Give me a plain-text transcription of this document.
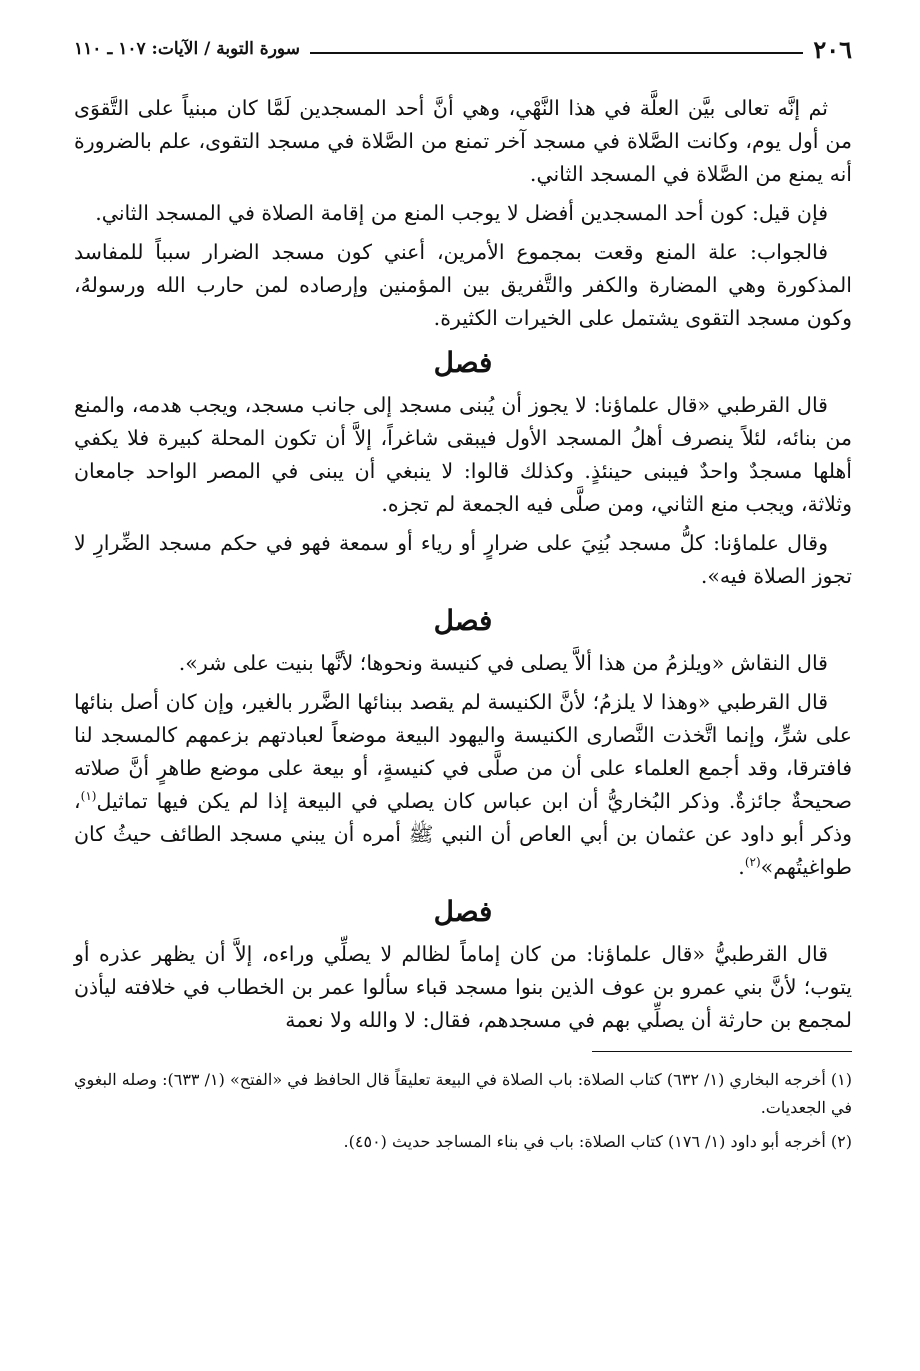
٢٠٦
سورة التوبة / الآيات: ١٠٧ ـ ١١٠

ثم إنَّه تعالى بيَّن العلَّة في هذا النَّهْي، وهي أنَّ أحد المسجدين لَمَّا كان مبنياً على التَّقوَى من أول يوم، وكانت الصَّلاة في مسجد آخر تمنع من الصَّلاة في مسجد التقوى، علم بالضرورة أنه يمنع من الصَّلاة في المسجد الثاني.

فإن قيل: كون أحد المسجدين أفضل لا يوجب المنع من إقامة الصلاة في المسجد الثاني.

فالجواب: علة المنع وقعت بمجموع الأمرين، أعني كون مسجد الضرار سبباً للمفاسد المذكورة وهي المضارة والكفر والتَّفريق بين المؤمنين وإرصاده لمن حارب الله ورسولهُ، وكون مسجد التقوى يشتمل على الخيرات الكثيرة.

فصل

قال القرطبي «قال علماؤنا: لا يجوز أن يُبنى مسجد إلى جانب مسجد، ويجب هدمه، والمنع من بنائه، لئلاً ينصرف أهلُ المسجد الأول فيبقى شاغراً، إلاَّ أن تكون المحلة كبيرة فلا يكفي أهلها مسجدٌ واحدٌ فيبنى حينئذٍ. وكذلك قالوا: لا ينبغي أن يبنى في المصر الواحد جامعان وثلاثة، ويجب منع الثاني، ومن صلَّى فيه الجمعة لم تجزه.

وقال علماؤنا: كلُّ مسجد بُنِيَ على ضرارٍ أو رياء أو سمعة فهو في حكم مسجد الضِّرارِ لا تجوز الصلاة فيه».

فصل

قال النقاش «ويلزمُ من هذا ألاَّ يصلى في كنيسة ونحوها؛ لأنَّها بنيت على شر».

قال القرطبي «وهذا لا يلزمُ؛ لأنَّ الكنيسة لم يقصد ببنائها الضَّرر بالغير، وإن كان أصل بنائها على شرٍّ، وإنما اتَّخذت النَّصارى الكنيسة واليهود البيعة موضعاً لعبادتهم بزعمهم كالمسجد لنا فافترقا، وقد أجمع العلماء على أن من صلَّى في كنيسةٍ، أو بيعة على موضع طاهرٍ أنَّ صلاته صحيحةٌ جائزةٌ. وذكر البُخاريُّ أن ابن عباس كان يصلي في البيعة إذا لم يكن فيها تماثيل$^{(١)}$، وذكر أبو داود عن عثمان بن أبي العاص أن النبي ﷺ أمره أن يبني مسجد الطائف حيثُ كان طواغيتُهم»$^{(٢)}$.

فصل

قال القرطبيُّ «قال علماؤنا: من كان إماماً لظالم لا يصلِّي وراءه، إلاَّ أن يظهر عذره أو يتوب؛ لأنَّ بني عمرو بن عوف الذين بنوا مسجد قباء سألوا عمر بن الخطاب في خلافته ليأذن لمجمع بن حارثة أن يصلِّي بهم في مسجدهم، فقال: لا والله ولا نعمة

(١) أخرجه البخاري (١/ ٦٣٢) كتاب الصلاة: باب الصلاة في البيعة تعليقاً قال الحافظ في «الفتح» (١/ ٦٣٣): وصله البغوي في الجعديات.

(٢) أخرجه أبو داود (١/ ١٧٦) كتاب الصلاة: باب في بناء المساجد حديث (٤٥٠).
